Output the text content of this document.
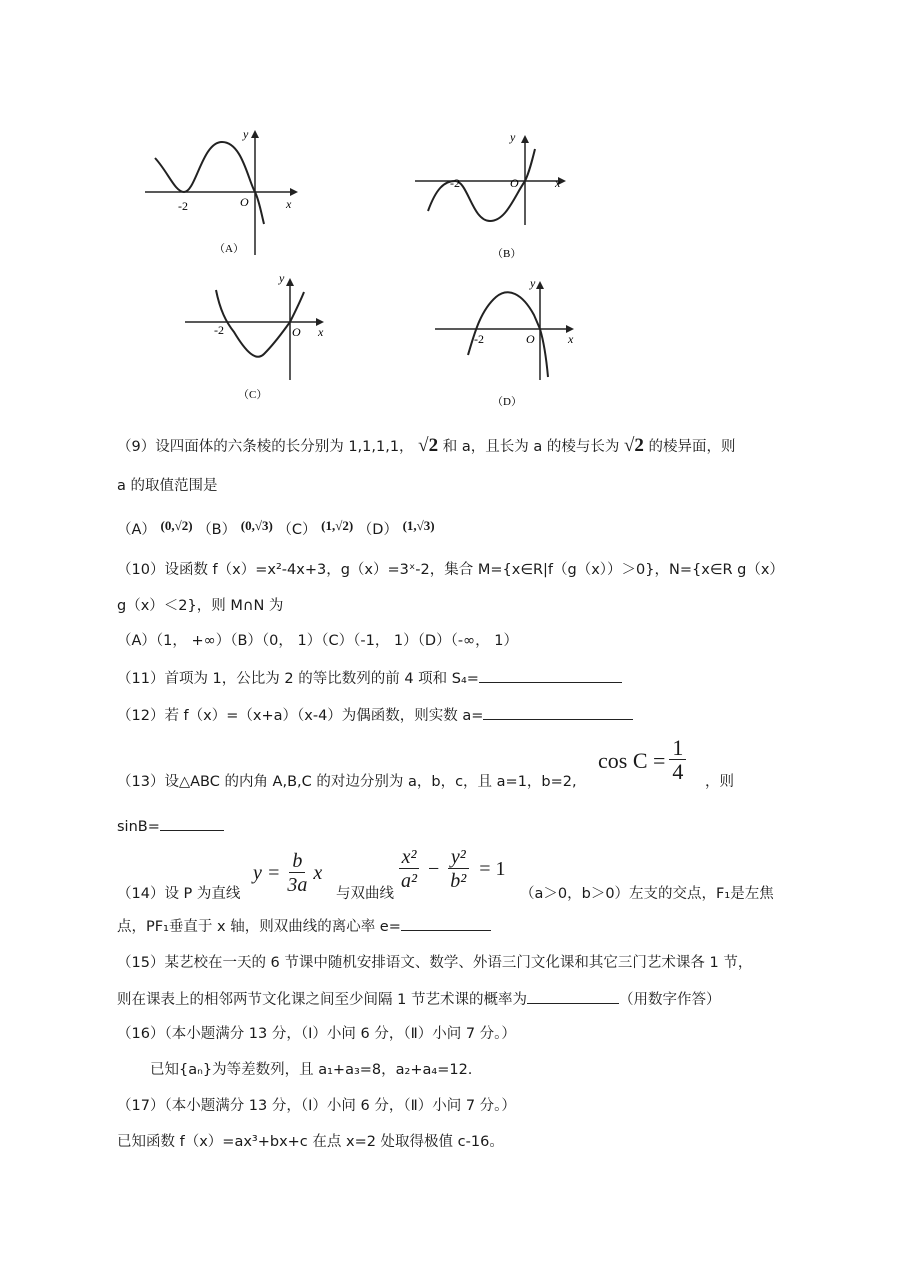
-2	O	x
y
（A）
-2	O	x
y
（B）
-2	O x
y
（C）
-2	O	x
y
（D）
（9）设四面体的六条棱的长分别为 1,1,1,1， √2 和 a，且长为 a 的棱与长为 √2 的棱异面，则
a 的取值范围是
（A） (0,√2) （B） (0,√3) （C） (1,√2) （D） (1,√3)
（10）设函数 f（x）=x²-4x+3，g（x）=3ˣ-2，集合 M={x∈R|f（g（x））＞0}，N={x∈R g（x）
g（x）＜2}，则 M∩N 为
（A）（1， +∞）（B）（0， 1）（C）（-1， 1）（D）（-∞， 1）
（11）首项为 1，公比为 2 的等比数列的前 4 项和 S₄=
（12）若 f（x）=（x+a）（x-4）为偶函数，则实数 a=
（13）设△ABC 的内角 A,B,C 的对边分别为 a，b，c，且 a=1，b=2,
$\cos C = \frac{1}{4}$ ，则
sinB=
（14）设 P 为直线
$y = \frac{b}{3a}$ x
与双曲线
$\frac{\text{x²}}{\text{a²}} - \frac{\text{y²}}{\text{b²}} = 1$
（a＞0，b＞0）左支的交点，F₁是左焦
点，PF₁垂直于 x 轴，则双曲线的离心率 e=
（15）某艺校在一天的 6 节课中随机安排语文、数学、外语三门文化课和其它三门艺术课各 1 节，
则在课表上的相邻两节文化课之间至少间隔 1 节艺术课的概率为	（用数字作答）
（16）（本小题满分 13 分，（Ⅰ）小问 6 分，（Ⅱ）小问 7 分。）
已知{aₙ}为等差数列，且 a₁+a₃=8，a₂+a₄=12.
（17）（本小题满分 13 分，（Ⅰ）小问 6 分，（Ⅱ）小问 7 分。）
已知函数 f（x）=ax³+bx+c 在点 x=2 处取得极值 c-16。
